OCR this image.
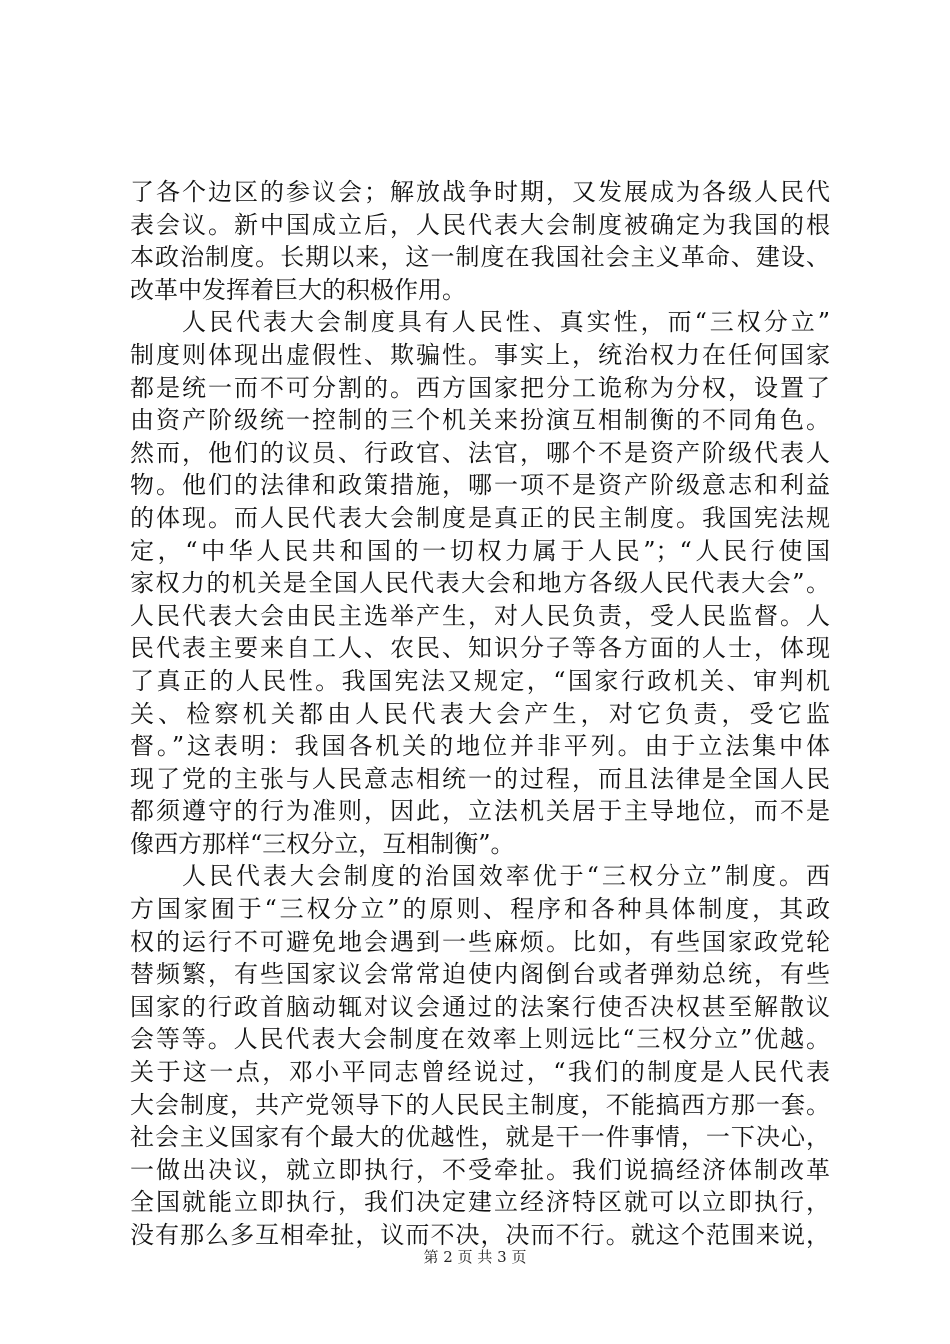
了各个边区的参议会；解放战争时期，又发展成为各级人民代
表会议。新中国成立后，人民代表大会制度被确定为我国的根
本政治制度。长期以来，这一制度在我国社会主义革命、建设、
改革中发挥着巨大的积极作用。
人民代表大会制度具有人民性、真实性，而“三权分立”
制度则体现出虚假性、欺骗性。事实上，统治权力在任何国家
都是统一而不可分割的。西方国家把分工诡称为分权，设置了
由资产阶级统一控制的三个机关来扮演互相制衡的不同角色。
然而，他们的议员、行政官、法官，哪个不是资产阶级代表人
物。他们的法律和政策措施，哪一项不是资产阶级意志和利益
的体现。而人民代表大会制度是真正的民主制度。我国宪法规
定，“中华人民共和国的一切权力属于人民”；“人民行使国
家权力的机关是全国人民代表大会和地方各级人民代表大会”。
人民代表大会由民主选举产生，对人民负责，受人民监督。人
民代表主要来自工人、农民、知识分子等各方面的人士，体现
了真正的人民性。我国宪法又规定，“国家行政机关、审判机
关、检察机关都由人民代表大会产生，对它负责，受它监
督。”这表明：我国各机关的地位并非平列。由于立法集中体
现了党的主张与人民意志相统一的过程，而且法律是全国人民
都须遵守的行为准则，因此，立法机关居于主导地位，而不是
像西方那样“三权分立，互相制衡”。
人民代表大会制度的治国效率优于“三权分立”制度。西
方国家囿于“三权分立”的原则、程序和各种具体制度，其政
权的运行不可避免地会遇到一些麻烦。比如，有些国家政党轮
替频繁，有些国家议会常常迫使内阁倒台或者弹劾总统，有些
国家的行政首脑动辄对议会通过的法案行使否决权甚至解散议
会等等。人民代表大会制度在效率上则远比“三权分立”优越。
关于这一点，邓小平同志曾经说过，“我们的制度是人民代表
大会制度，共产党领导下的人民民主制度，不能搞西方那一套。
社会主义国家有个最大的优越性，就是干一件事情，一下决心，
一做出决议，就立即执行，不受牵扯。我们说搞经济体制改革
全国就能立即执行，我们决定建立经济特区就可以立即执行，
没有那么多互相牵扯，议而不决，决而不行。就这个范围来说，
第 2 页 共 3 页
